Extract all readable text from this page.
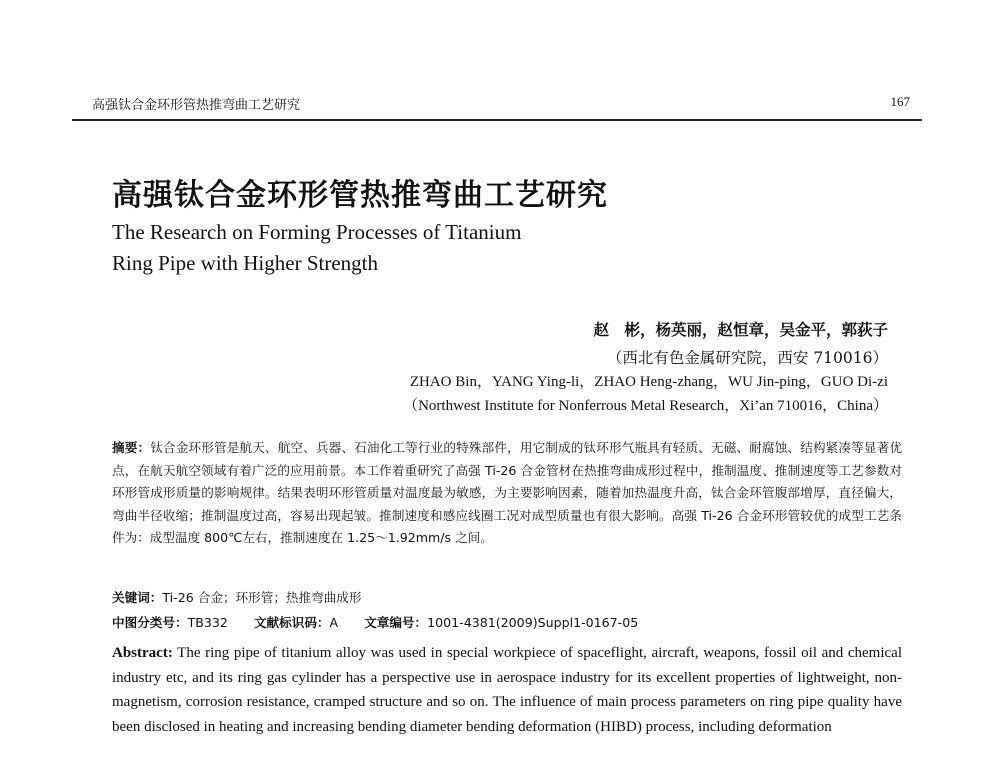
高强钛合金环形管热推弯曲工艺研究	167
高强钛合金环形管热推弯曲工艺研究
The Research on Forming Processes of Titanium
Ring Pipe with Higher Strength
赵　彬，杨英丽，赵恒章，吴金平，郭荻子
（西北有色金属研究院，西安 710016）
ZHAO Bin，YANG Ying-li，ZHAO Heng-zhang，WU Jin-ping，GUO Di-zi
（Northwest Institute for Nonferrous Metal Research，Xi’an 710016，China）
摘要：钛合金环形管是航天、航空、兵器、石油化工等行业的特殊部件，用它制成的钛环形气瓶具有轻质、无磁、耐腐蚀、结构紧凑等显著优点，在航天航空领域有着广泛的应用前景。本工作着重研究了高强 Ti-26 合金管材在热推弯曲成形过程中，推制温度、推制速度等工艺参数对环形管成形质量的影响规律。结果表明环形管质量对温度最为敏感，为主要影响因素，随着加热温度升高，钛合金环管腹部增厚，直径偏大，弯曲半径收缩；推制温度过高，容易出现起皱。推制速度和感应线圈工况对成型质量也有很大影响。高强 Ti-26 合金环形管较优的成型工艺条件为：成型温度 800℃左右，推制速度在 1.25～1.92mm/s 之间。
关键词：Ti-26 合金；环形管；热推弯曲成形
中图分类号：TB332 文献标识码：A 文章编号：1001-4381(2009)Suppl1-0167-05
Abstract: The ring pipe of titanium alloy was used in special workpiece of spaceflight, aircraft, weapons, fossil oil and chemical industry etc, and its ring gas cylinder has a perspective use in aerospace industry for its excellent properties of lightweight, non-magnetism, corrosion resistance, cramped structure and so on. The influence of main process parameters on ring pipe quality have been disclosed in heating and increasing bending diameter bending deformation (HIBD) process, including deformation
